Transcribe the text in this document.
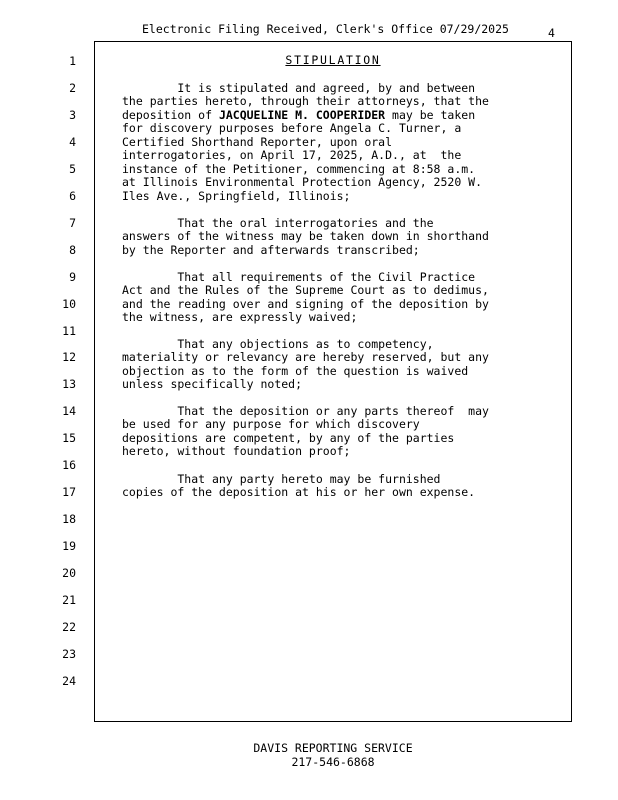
Electronic Filing Received, Clerk's Office 07/29/2025	4
1
2
3
4
5
6
7
8
9
10
11
12
13
14
15
16
17
18
19
20
21
22
23
24
STIPULATION
It is stipulated and agreed, by and between
the parties hereto, through their attorneys, that the
deposition of JACQUELINE M. COOPERIDER may be taken
for discovery purposes before Angela C. Turner, a
Certified Shorthand Reporter, upon oral
interrogatories, on April 17, 2025, A.D., at  the
instance of the Petitioner, commencing at 8:58 a.m.
at Illinois Environmental Protection Agency, 2520 W.
Iles Ave., Springfield, Illinois;
That the oral interrogatories and the
answers of the witness may be taken down in shorthand
by the Reporter and afterwards transcribed;
That all requirements of the Civil Practice
Act and the Rules of the Supreme Court as to dedimus,
and the reading over and signing of the deposition by
the witness, are expressly waived;
That any objections as to competency,
materiality or relevancy are hereby reserved, but any
objection as to the form of the question is waived
unless specifically noted;
That the deposition or any parts thereof  may
be used for any purpose for which discovery
depositions are competent, by any of the parties
hereto, without foundation proof;
That any party hereto may be furnished
copies of the deposition at his or her own expense.
DAVIS REPORTING SERVICE
217-546-6868
